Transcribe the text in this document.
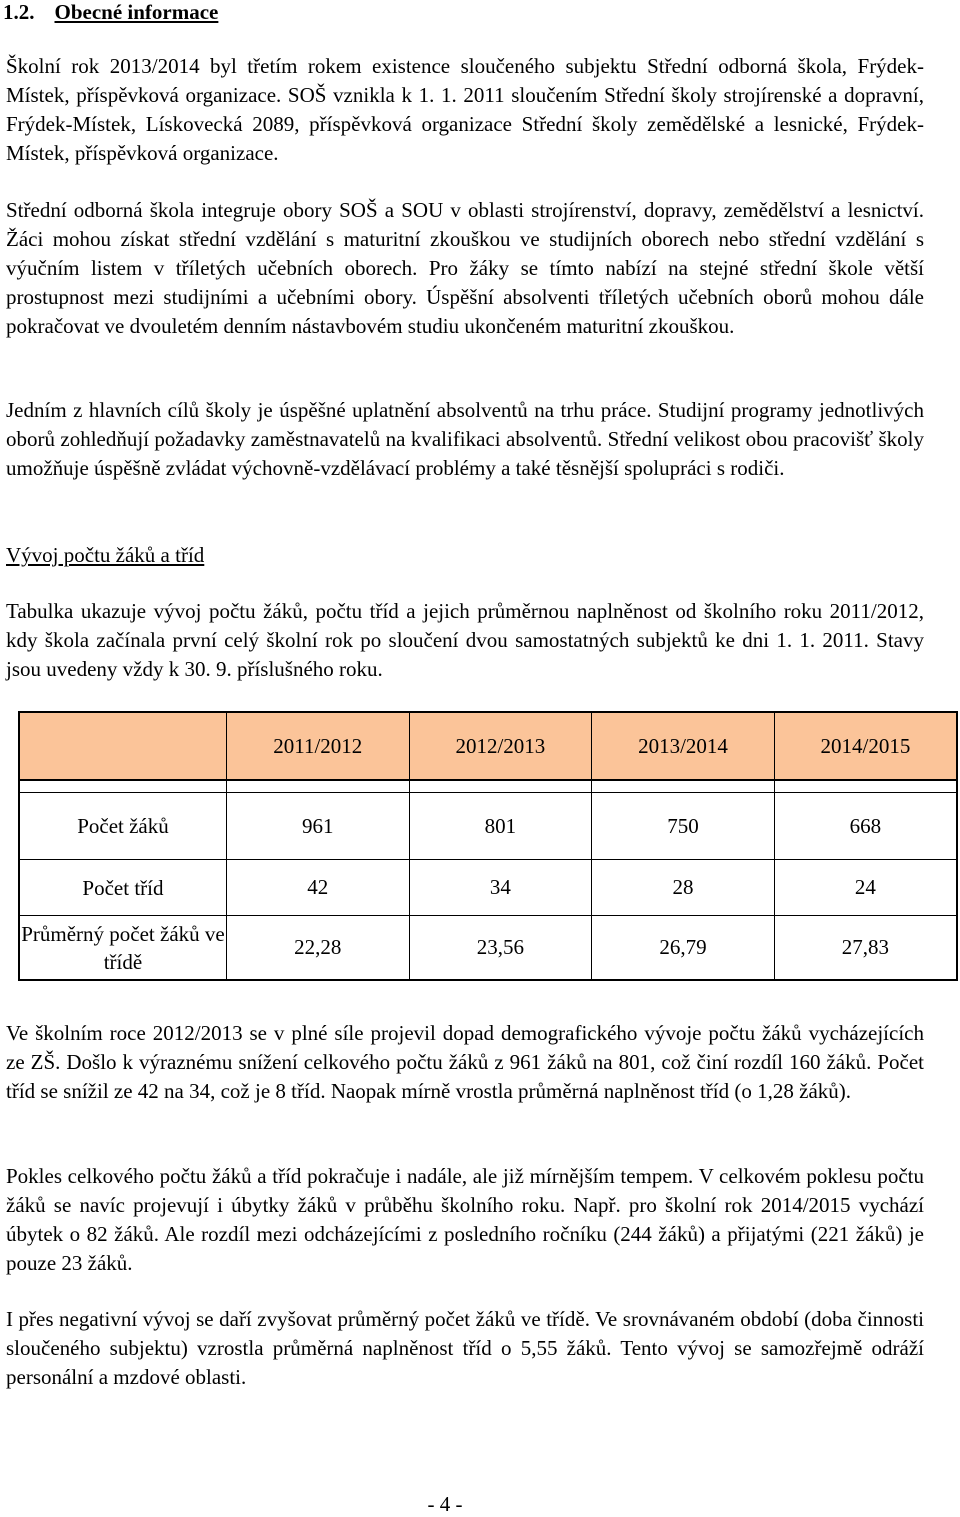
1.2. Obecné informace

Školní rok 2013/2014 byl třetím rokem existence sloučeného subjektu Střední odborná škola, Frýdek-Místek, příspěvková organizace. SOŠ vznikla k 1. 1. 2011 sloučením Střední školy strojírenské a dopravní, Frýdek-Místek, Lískovecká 2089, příspěvková organizace Střední školy zemědělské a lesnické, Frýdek-Místek, příspěvková organizace.

Střední odborná škola integruje obory SOŠ a SOU v oblasti strojírenství, dopravy, zemědělství a lesnictví. Žáci mohou získat střední vzdělání s maturitní zkouškou ve studijních oborech nebo střední vzdělání s výučním listem v tříletých učebních oborech. Pro žáky se tímto nabízí na stejné střední škole větší prostupnost mezi studijními a učebními obory. Úspěšní absolventi tříletých učebních oborů mohou dále pokračovat ve dvouletém denním nástavbovém studiu ukončeném maturitní zkouškou.

Jedním z hlavních cílů školy je úspěšné uplatnění absolventů na trhu práce. Studijní programy jednotlivých oborů zohledňují požadavky zaměstnavatelů na kvalifikaci absolventů. Střední velikost obou pracovišť školy umožňuje úspěšně zvládat výchovně-vzdělávací problémy a také těsnější spolupráci s rodiči.

Vývoj počtu žáků a tříd

Tabulka ukazuje vývoj počtu žáků, počtu tříd a jejich průměrnou naplněnost od školního roku 2011/2012, kdy škola začínala první celý školní rok po sloučení dvou samostatných subjektů ke dni 1. 1. 2011. Stavy jsou uvedeny vždy k 30. 9. příslušného roku.

	2011/2012	2012/2013	2013/2014	2014/2015

Počet žáků	961	801	750	668
Počet tříd	42	34	28	24
Průměrný počet žáků ve třídě	22,28	23,56	26,79	27,83

Ve školním roce 2012/2013 se v plné síle projevil dopad demografického vývoje počtu žáků vycházejících ze ZŠ. Došlo k výraznému snížení celkového počtu žáků z 961 žáků na 801, což činí rozdíl 160 žáků. Počet tříd se snížil ze 42 na 34, což je 8 tříd. Naopak mírně vrostla průměrná naplněnost tříd (o 1,28 žáků).

Pokles celkového počtu žáků a tříd pokračuje i nadále, ale již mírnějším tempem. V celkovém poklesu počtu žáků se navíc projevují i úbytky žáků v průběhu školního roku. Např. pro školní rok 2014/2015 vychází úbytek o 82 žáků. Ale rozdíl mezi odcházejícími z posledního ročníku (244 žáků) a přijatými (221 žáků) je pouze 23 žáků.

I přes negativní vývoj se daří zvyšovat průměrný počet žáků ve třídě. Ve srovnávaném období (doba činnosti sloučeného subjektu) vzrostla průměrná naplněnost tříd o 5,55 žáků. Tento vývoj se samozřejmě odráží personální a mzdové oblasti.

- 4 -
